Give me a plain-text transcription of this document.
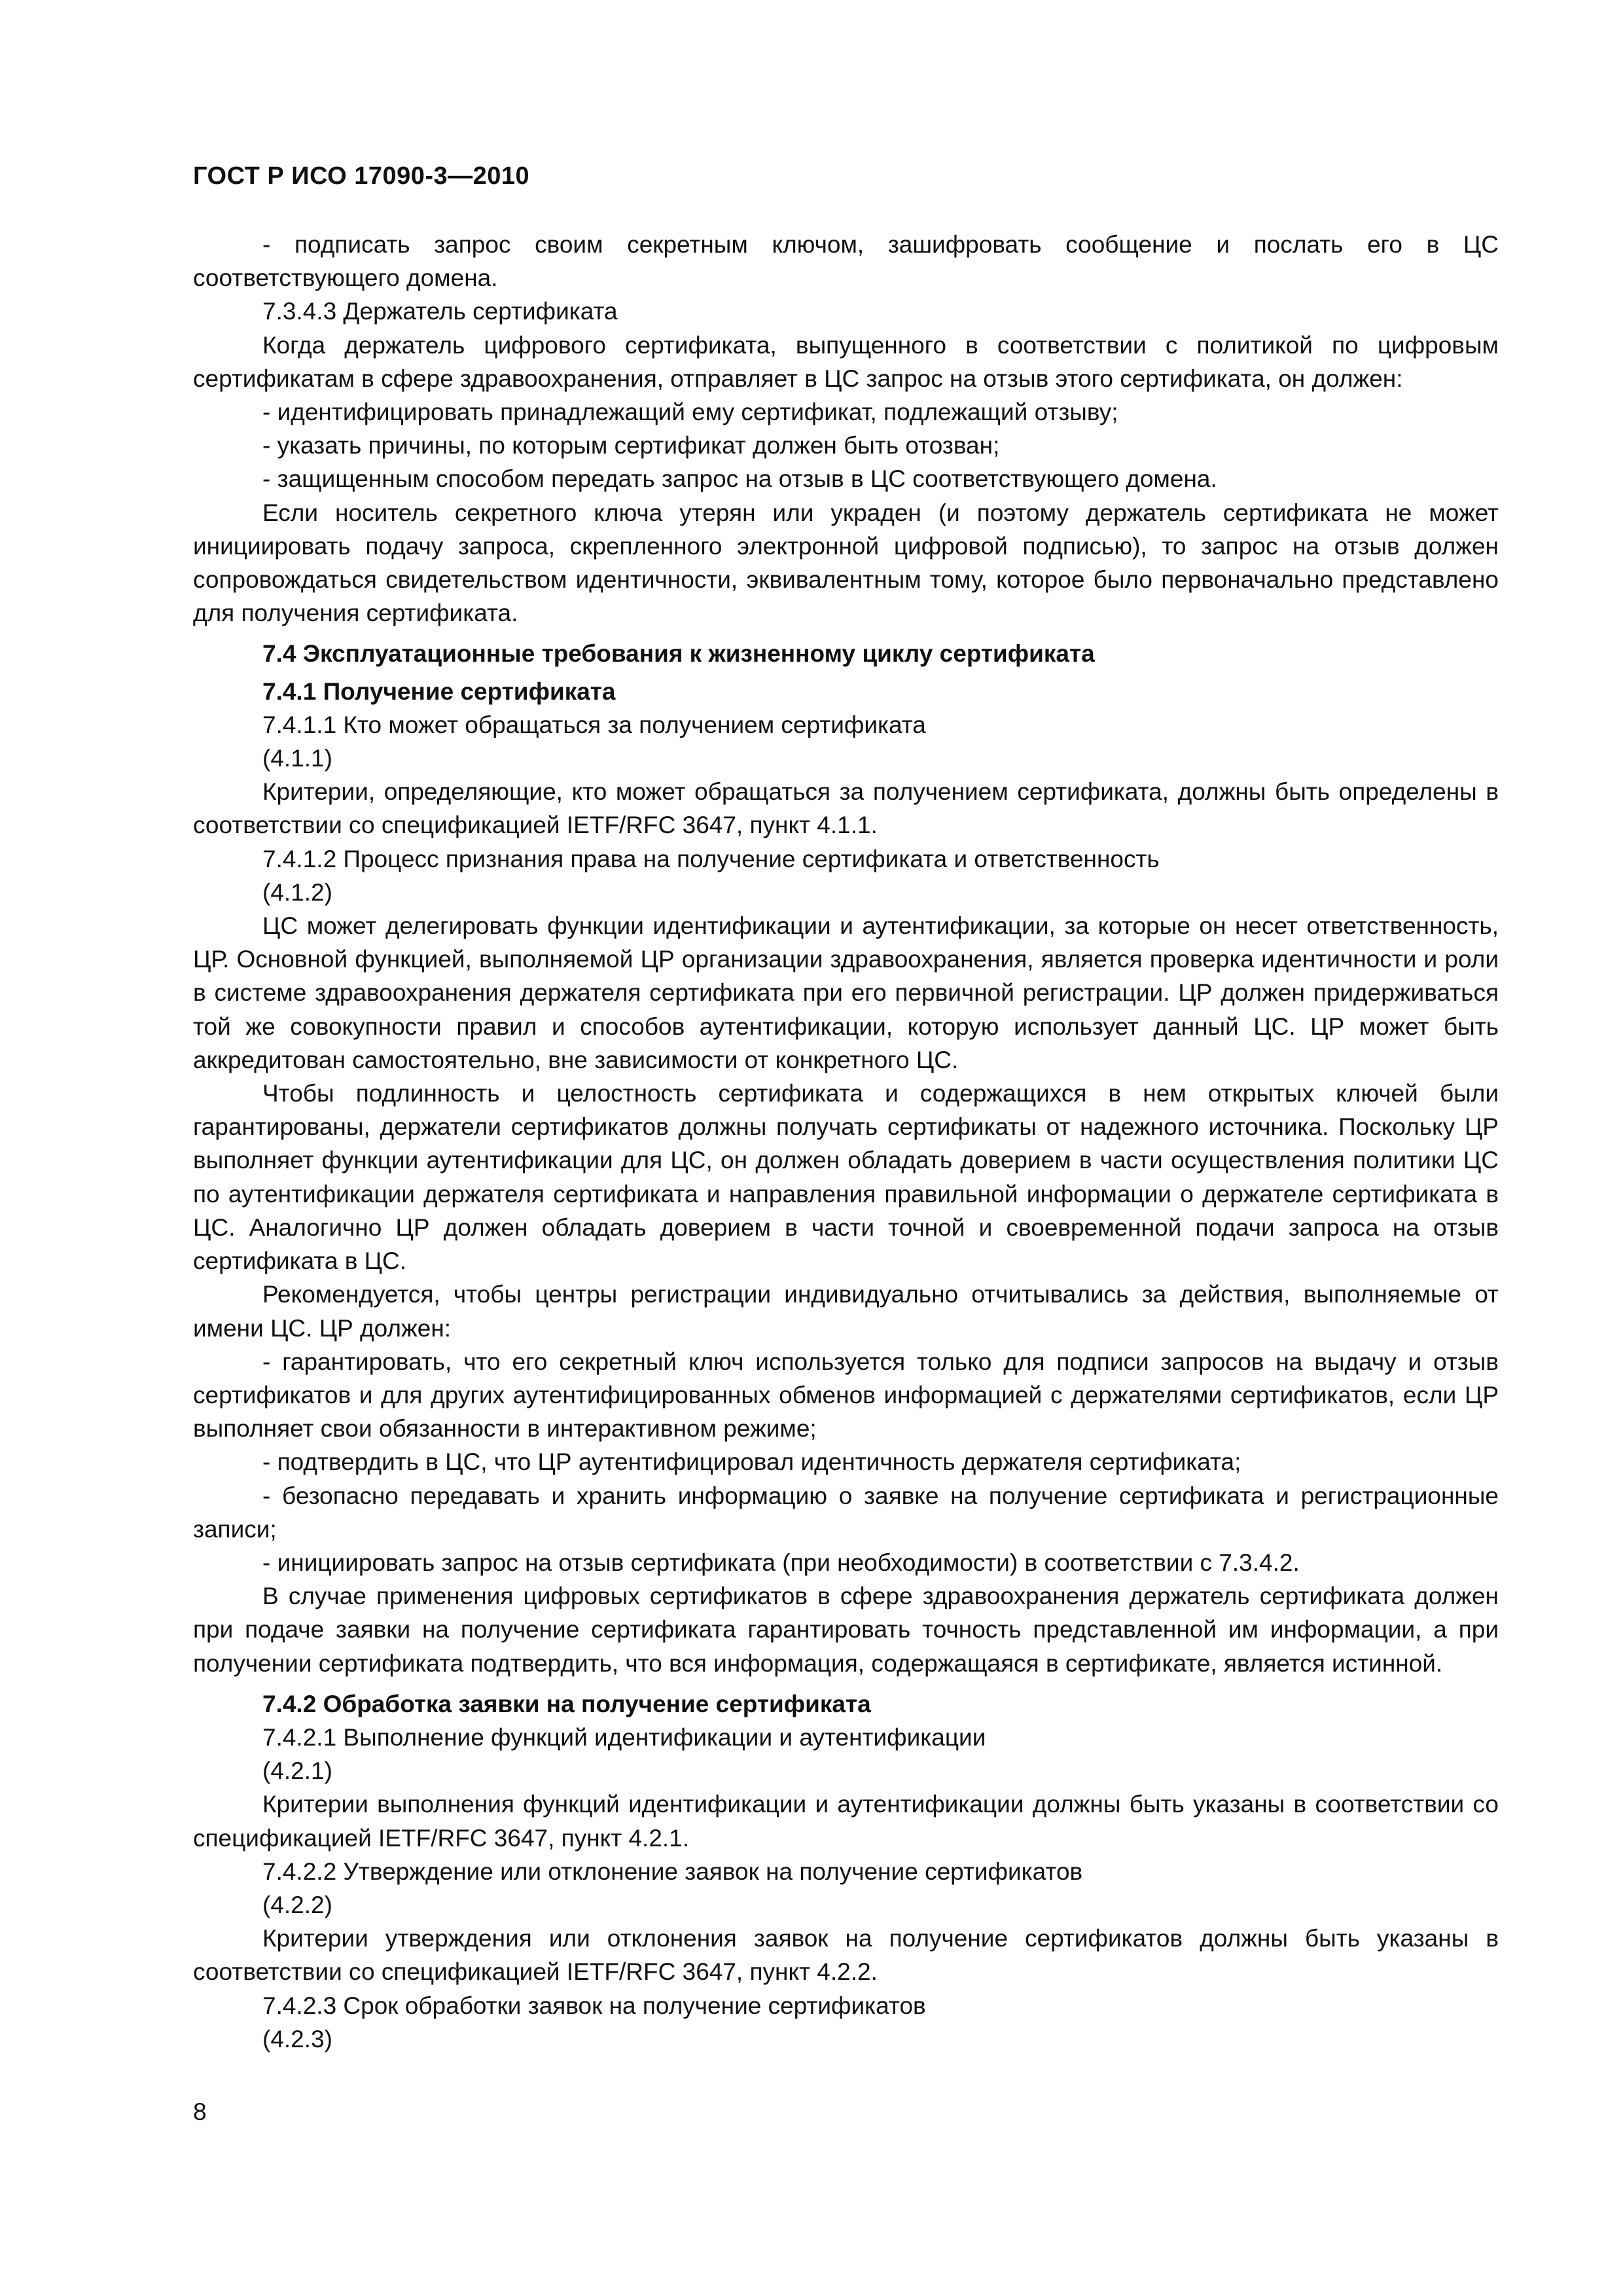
ГОСТ Р ИСО 17090-3—2010

- подписать запрос своим секретным ключом, зашифровать сообщение и послать его в ЦС соответствующего домена.

7.3.4.3 Держатель сертификата

Когда держатель цифрового сертификата, выпущенного в соответствии с политикой по цифровым сертификатам в сфере здравоохранения, отправляет в ЦС запрос на отзыв этого сертификата, он должен:

- идентифицировать принадлежащий ему сертификат, подлежащий отзыву;

- указать причины, по которым сертификат должен быть отозван;

- защищенным способом передать запрос на отзыв в ЦС соответствующего домена.

Если носитель секретного ключа утерян или украден (и поэтому держатель сертификата не может инициировать подачу запроса, скрепленного электронной цифровой подписью), то запрос на отзыв должен сопровождаться свидетельством идентичности, эквивалентным тому, которое было первоначально представлено для получения сертификата.

7.4 Эксплуатационные требования к жизненному циклу сертификата

7.4.1 Получение сертификата

7.4.1.1 Кто может обращаться за получением сертификата

(4.1.1)

Критерии, определяющие, кто может обращаться за получением сертификата, должны быть определены в соответствии со спецификацией IETF/RFC 3647, пункт 4.1.1.

7.4.1.2 Процесс признания права на получение сертификата и ответственность

(4.1.2)

ЦС может делегировать функции идентификации и аутентификации, за которые он несет ответственность, ЦР. Основной функцией, выполняемой ЦР организации здравоохранения, является проверка идентичности и роли в системе здравоохранения держателя сертификата при его первичной регистрации. ЦР должен придерживаться той же совокупности правил и способов аутентификации, которую использует данный ЦС. ЦР может быть аккредитован самостоятельно, вне зависимости от конкретного ЦС.

Чтобы подлинность и целостность сертификата и содержащихся в нем открытых ключей были гарантированы, держатели сертификатов должны получать сертификаты от надежного источника. Поскольку ЦР выполняет функции аутентификации для ЦС, он должен обладать доверием в части осуществления политики ЦС по аутентификации держателя сертификата и направления правильной информации о держателе сертификата в ЦС. Аналогично ЦР должен обладать доверием в части точной и своевременной подачи запроса на отзыв сертификата в ЦС.

Рекомендуется, чтобы центры регистрации индивидуально отчитывались за действия, выполняемые от имени ЦС. ЦР должен:

- гарантировать, что его секретный ключ используется только для подписи запросов на выдачу и отзыв сертификатов и для других аутентифицированных обменов информацией с держателями сертификатов, если ЦР выполняет свои обязанности в интерактивном режиме;

- подтвердить в ЦС, что ЦР аутентифицировал идентичность держателя сертификата;

- безопасно передавать и хранить информацию о заявке на получение сертификата и регистрационные записи;

- инициировать запрос на отзыв сертификата (при необходимости) в соответствии с 7.3.4.2.

В случае применения цифровых сертификатов в сфере здравоохранения держатель сертификата должен при подаче заявки на получение сертификата гарантировать точность представленной им информации, а при получении сертификата подтвердить, что вся информация, содержащаяся в сертификате, является истинной.

7.4.2 Обработка заявки на получение сертификата

7.4.2.1 Выполнение функций идентификации и аутентификации

(4.2.1)

Критерии выполнения функций идентификации и аутентификации должны быть указаны в соответствии со спецификацией IETF/RFC 3647, пункт 4.2.1.

7.4.2.2 Утверждение или отклонение заявок на получение сертификатов

(4.2.2)

Критерии утверждения или отклонения заявок на получение сертификатов должны быть указаны в соответствии со спецификацией IETF/RFC 3647, пункт 4.2.2.

7.4.2.3 Срок обработки заявок на получение сертификатов

(4.2.3)

8
